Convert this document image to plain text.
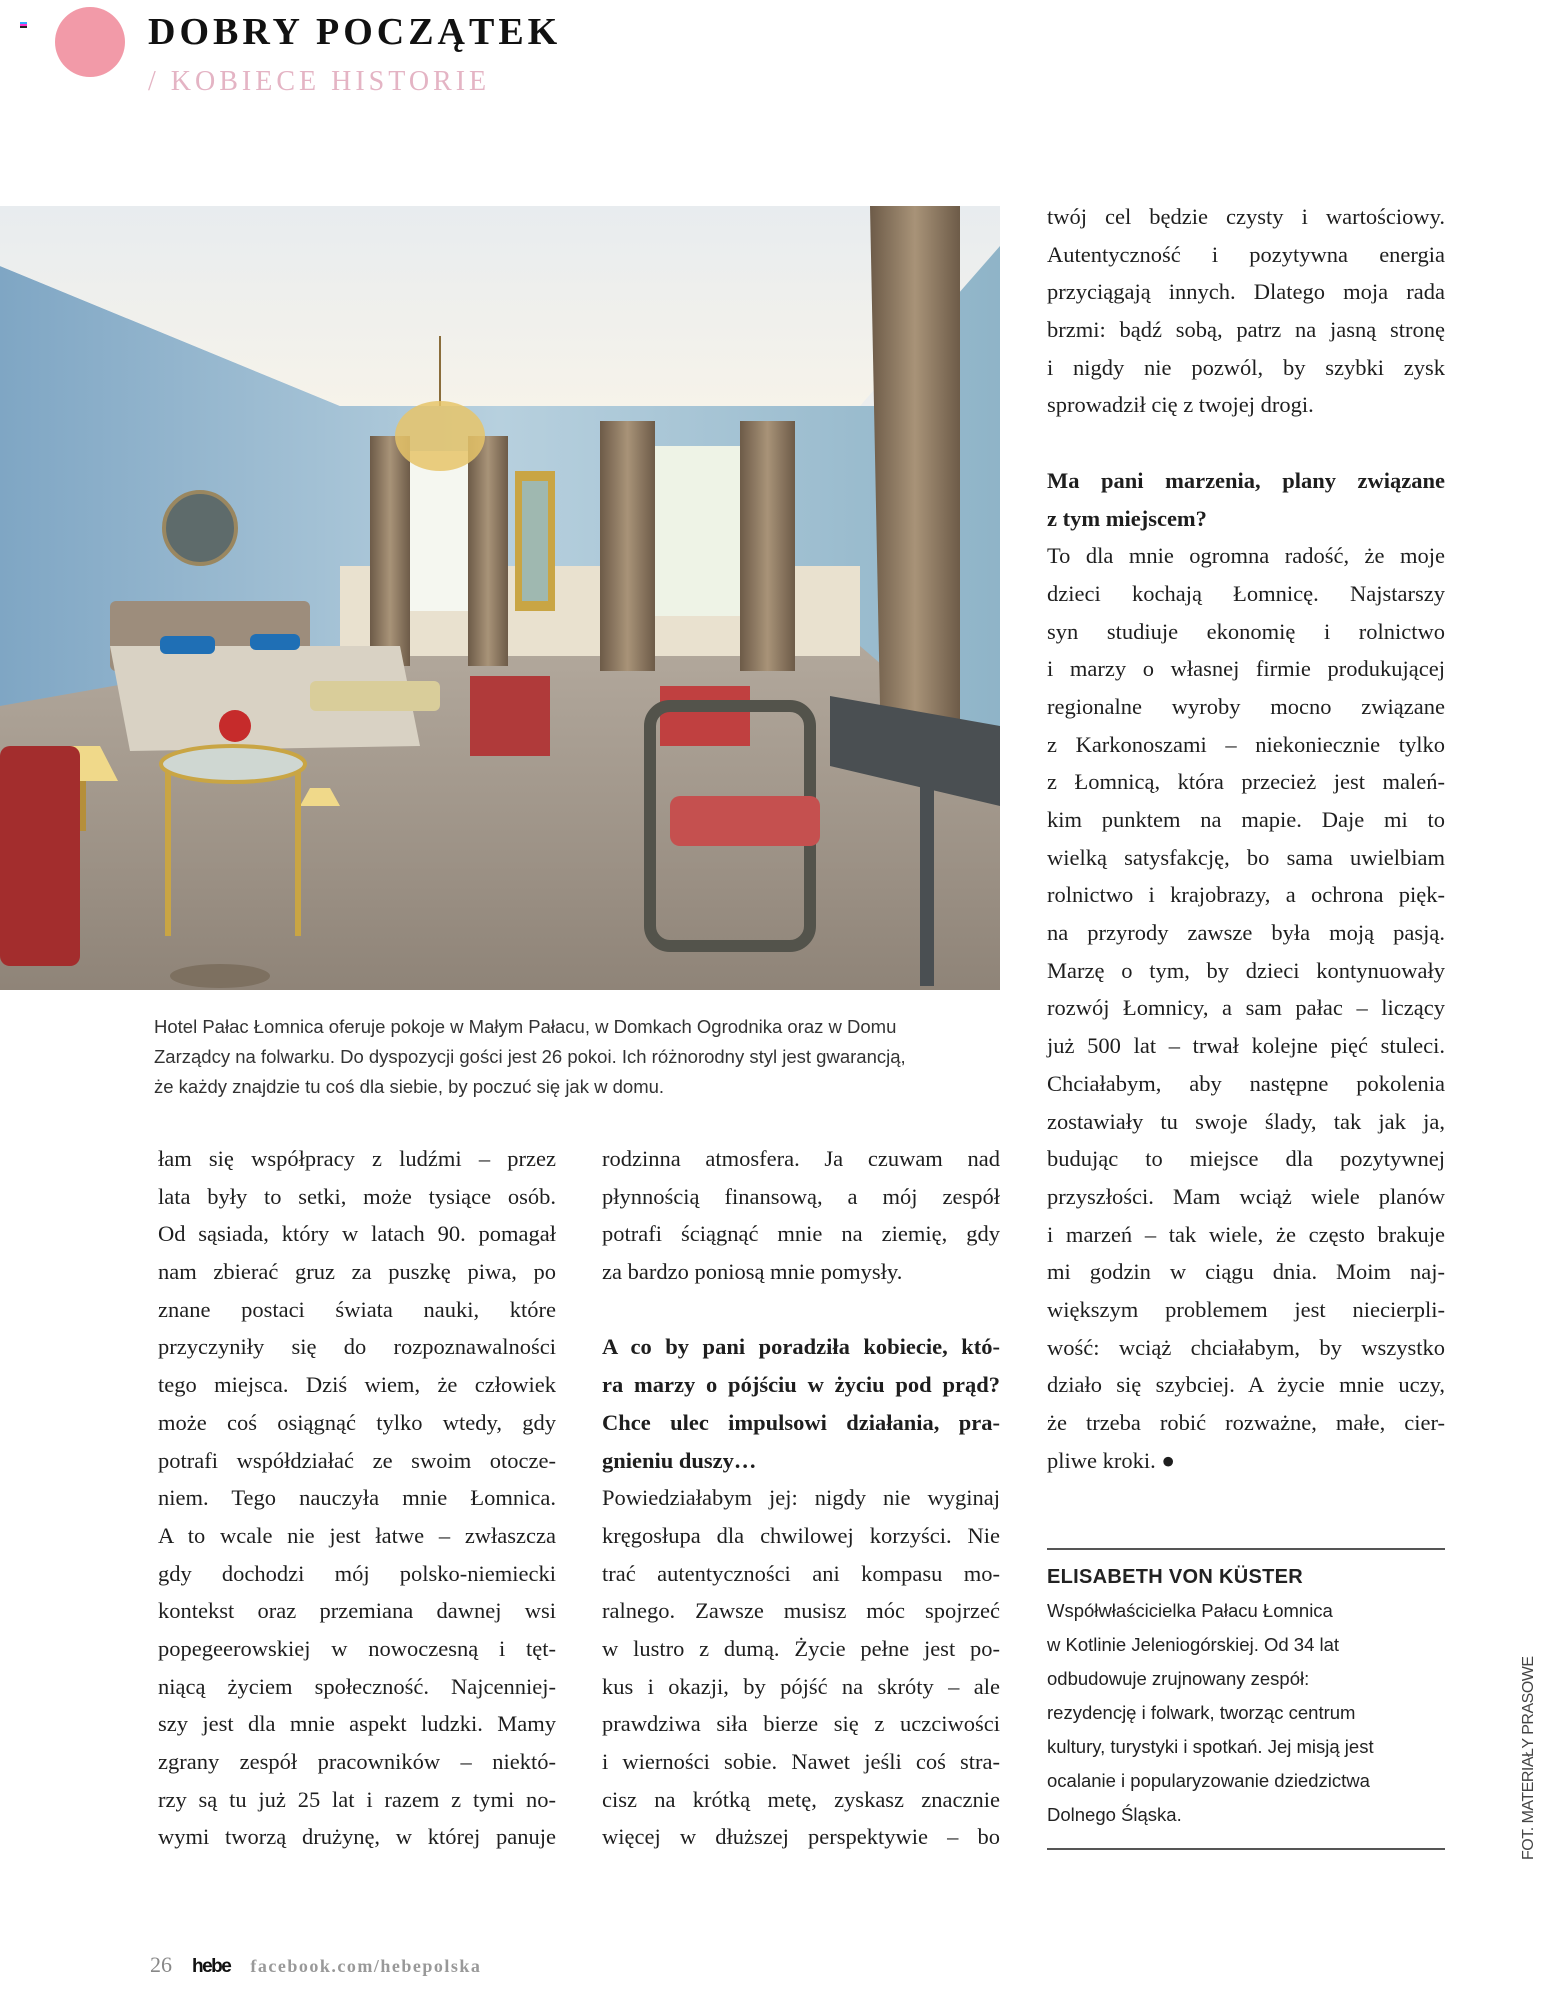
DOBRY POCZĄTEK
/ KOBIECE HISTORIE
Hotel Pałac Łomnica oferuje pokoje w Małym Pałacu, w Domkach Ogrodnika oraz w Domu
Zarządcy na folwarku. Do dyspozycji gości jest 26 pokoi. Ich różnorodny styl jest gwarancją,
że każdy znajdzie tu coś dla siebie, by poczuć się jak w domu.
łam się współpracy z ludźmi – przez
lata były to setki, może tysiące osób.
Od sąsiada, który w latach 90. pomagał
nam zbierać gruz za puszkę piwa, po
znane postaci świata nauki, które
przyczyniły się do rozpoznawalności
tego miejsca. Dziś wiem, że człowiek
może coś osiągnąć tylko wtedy, gdy
potrafi współdziałać ze swoim otocze-
niem. Tego nauczyła mnie Łomnica.
A to wcale nie jest łatwe – zwłaszcza
gdy dochodzi mój polsko-niemiecki
kontekst oraz przemiana dawnej wsi
popegeerowskiej w nowoczesną i tęt-
niącą życiem społeczność. Najcenniej-
szy jest dla mnie aspekt ludzki. Mamy
zgrany zespół pracowników – niektó-
rzy są tu już 25 lat i razem z tymi no-
wymi tworzą drużynę, w której panuje
rodzinna atmosfera. Ja czuwam nad
płynnością finansową, a mój zespół
potrafi ściągnąć mnie na ziemię, gdy
za bardzo poniosą mnie pomysły.
A co by pani poradziła kobiecie, któ-
ra marzy o pójściu w życiu pod prąd?
Chce ulec impulsowi działania, pra-
gnieniu duszy…
Powiedziałabym jej: nigdy nie wyginaj
kręgosłupa dla chwilowej korzyści. Nie
trać autentyczności ani kompasu mo-
ralnego. Zawsze musisz móc spojrzeć
w lustro z dumą. Życie pełne jest po-
kus i okazji, by pójść na skróty – ale
prawdziwa siła bierze się z uczciwości
i wierności sobie. Nawet jeśli coś stra-
cisz na krótką metę, zyskasz znacznie
więcej w dłuższej perspektywie – bo
twój cel będzie czysty i wartościowy.
Autentyczność i pozytywna energia
przyciągają innych. Dlatego moja rada
brzmi: bądź sobą, patrz na jasną stronę
i nigdy nie pozwól, by szybki zysk
sprowadził cię z twojej drogi.
Ma pani marzenia, plany związane
z tym miejscem?
To dla mnie ogromna radość, że moje
dzieci kochają Łomnicę. Najstarszy
syn studiuje ekonomię i rolnictwo
i marzy o własnej firmie produkującej
regionalne wyroby mocno związane
z Karkonoszami – niekoniecznie tylko
z Łomnicą, która przecież jest maleń-
kim punktem na mapie. Daje mi to
wielką satysfakcję, bo sama uwielbiam
rolnictwo i krajobrazy, a ochrona pięk-
na przyrody zawsze była moją pasją.
Marzę o tym, by dzieci kontynuowały
rozwój Łomnicy, a sam pałac – liczący
już 500 lat – trwał kolejne pięć stuleci.
Chciałabym, aby następne pokolenia
zostawiały tu swoje ślady, tak jak ja,
budując to miejsce dla pozytywnej
przyszłości. Mam wciąż wiele planów
i marzeń – tak wiele, że często brakuje
mi godzin w ciągu dnia. Moim naj-
większym problemem jest niecierpli-
wość: wciąż chciałabym, by wszystko
działo się szybciej. A życie mnie uczy,
że trzeba robić rozważne, małe, cier-
pliwe kroki. ●
ELISABETH VON KÜSTER
Współwłaścicielka Pałacu Łomnica
w Kotlinie Jeleniogórskiej. Od 34 lat
odbudowuje zrujnowany zespół:
rezydencję i folwark, tworząc centrum
kultury, turystyki i spotkań. Jej misją jest
ocalanie i popularyzowanie dziedzictwa
Dolnego Śląska.	FOT. MATERIAŁY PRASOWE
26 hebe facebook.com/hebepolska
